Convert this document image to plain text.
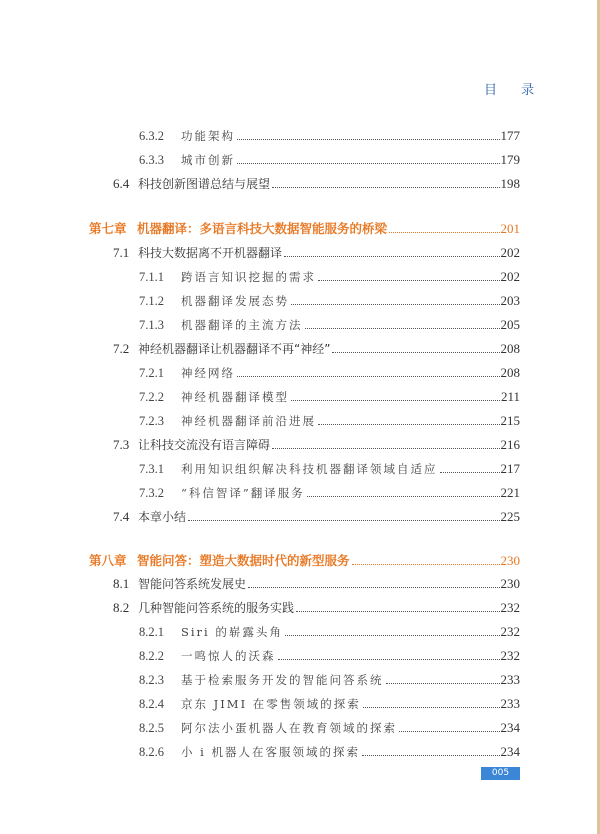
目 录
6.3.2	功能架构	177
6.3.3	城市创新	179
6.4 科技创新图谱总结与展望	198
第七章 机器翻译：多语言科技大数据智能服务的桥梁	201
7.1 科技大数据离不开机器翻译	202
7.1.1	跨语言知识挖掘的需求	202
7.1.2	机器翻译发展态势	203
7.1.3	机器翻译的主流方法	205
7.2 神经机器翻译让机器翻译不再“神经”	208
7.2.1	神经网络	208
7.2.2	神经机器翻译模型	211
7.2.3	神经机器翻译前沿进展	215
7.3 让科技交流没有语言障碍	216
7.3.1	利用知识组织解决科技机器翻译领域自适应	217
7.3.2	“科信智译”翻译服务	221
7.4 本章小结	225
第八章 智能问答：塑造大数据时代的新型服务	230
8.1 智能问答系统发展史	230
8.2 几种智能问答系统的服务实践	232
8.2.1	Siri 的崭露头角	232
8.2.2	一鸣惊人的沃森	232
8.2.3	基于检索服务开发的智能问答系统	233
8.2.4	京东 JIMI 在零售领域的探索	233
8.2.5	阿尔法小蛋机器人在教育领域的探索	234
8.2.6	小 i 机器人在客服领域的探索	234
005
